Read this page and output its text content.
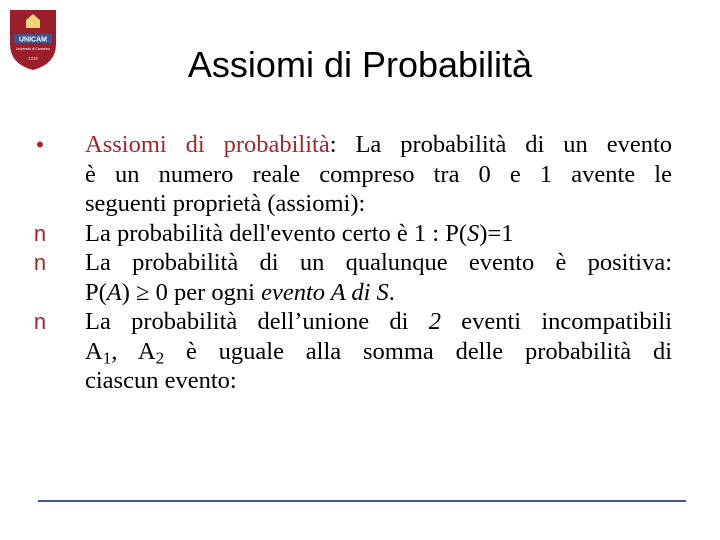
UNICAM
Università di Camerino
1336	Assiomi di Probabilità
• Assiomi di probabilità: La probabilità di un evento
è un numero reale compreso tra 0 e 1 avente le
seguenti proprietà (assiomi):
n La probabilità dell'evento certo è 1 : P(S)=1
n La probabilità di un qualunque evento è positiva:
P(A) ≥ 0 per ogni evento A di S.
n La probabilità dell’unione di 2 eventi incompatibili
$A_1$, $A_2$ è uguale alla somma delle probabilità di
ciascun evento:
